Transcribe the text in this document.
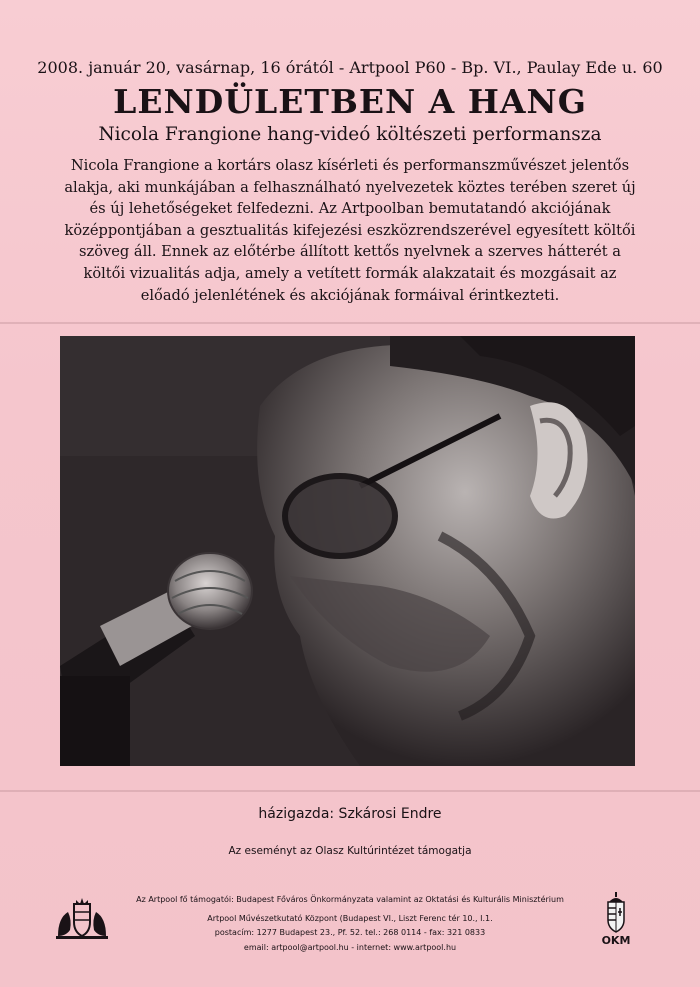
2008. január 20, vasárnap, 16 órától - Artpool P60 - Bp. VI., Paulay Ede u. 60
LENDÜLETBEN A HANG
Nicola Frangione hang-videó költészeti performansza
Nicola Frangione a kortárs olasz kísérleti és performanszművészet jelentős
alakja, aki munkájában a felhasználható nyelvezetek köztes terében szeret új
és új lehetőségeket felfedezni. Az Artpoolban bemutatandó akciójának
középpontjában a gesztualitás kifejezési eszközrendszerével egyesített költői
szöveg áll. Ennek az előtérbe állított kettős nyelvnek a szerves hátterét a
költői vizualitás adja, amely a vetített formák alakzatait és mozgásait az
előadó jelenlétének és akciójának formáival érintkezteti.
házigazda: Szkárosi Endre
Az eseményt az Olasz Kultúrintézet támogatja
Az Artpool fő támogatói: Budapest Főváros Önkormányzata valamint az Oktatási és Kulturális Minisztérium
Artpool Művészetkutató Központ (Budapest VI., Liszt Ferenc tér 10., I.1.
postacím: 1277 Budapest 23., Pf. 52. tel.: 268 0114 - fax: 321 0833
email: artpool@artpool.hu - internet: www.artpool.hu	OKM
